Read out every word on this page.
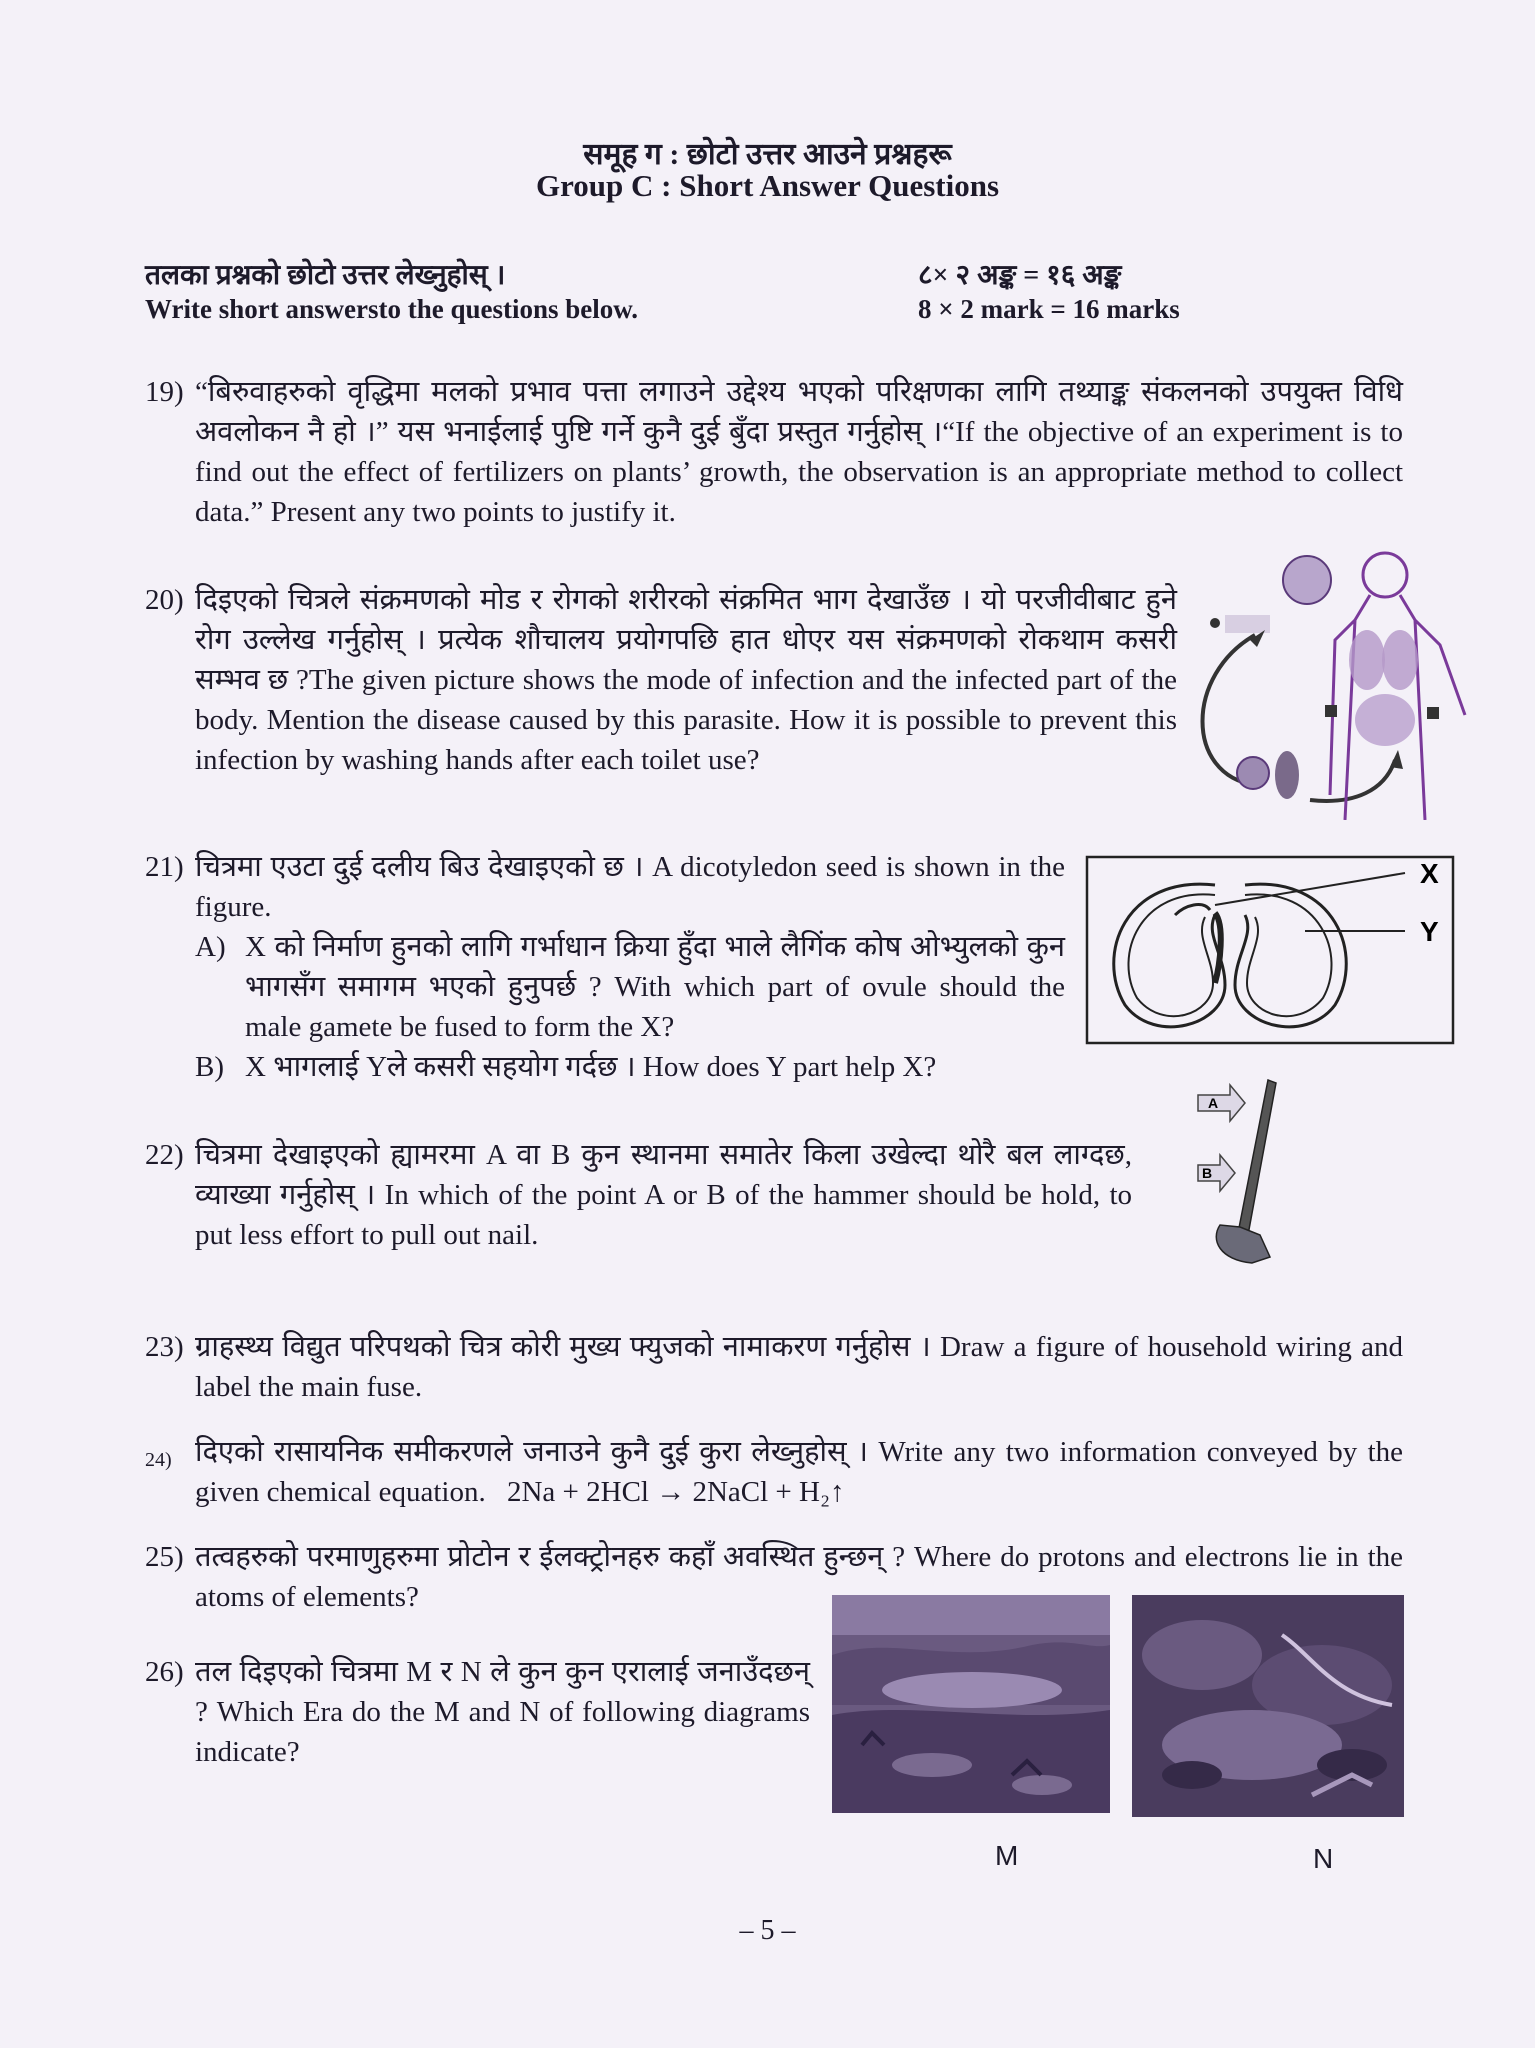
समूह ग : छोटो उत्तर आउने प्रश्नहरू
Group C : Short Answer Questions
तलका प्रश्नको छोटो उत्तर लेख्नुहोस् ।
Write short answersto the questions below.
८× २ अङ्क = १६ अङ्क
8 × 2 mark = 16 marks
19) “बिरुवाहरुको वृद्धिमा मलको प्रभाव पत्ता लगाउने उद्देश्य भएको परिक्षणका लागि तथ्याङ्क संकलनको उपयुक्त विधि अवलोकन नै हो ।” यस भनाईलाई पुष्टि गर्ने कुनै दुई बुँदा प्रस्तुत गर्नुहोस् ।“If the objective of an experiment is to find out the effect of fertilizers on plants’ growth, the observation is an appropriate method to collect data.” Present any two points to justify it.
20) दिइएको चित्रले संक्रमणको मोड र रोगको शरीरको संक्रमित भाग देखाउँछ । यो परजीवीबाट हुने रोग उल्लेख गर्नुहोस् । प्रत्येक शौचालय प्रयोगपछि हात धोएर यस संक्रमणको रोकथाम कसरी सम्भव छ ?The given picture shows the mode of infection and the infected part of the body. Mention the disease caused by this parasite. How it is possible to prevent this infection by washing hands after each toilet use?
21) चित्रमा एउटा दुई दलीय बिउ देखाइएको छ । A dicotyledon seed is shown in the figure.
A) X को निर्माण हुनको लागि गर्भाधान क्रिया हुँदा भाले लैगिंक कोष ओभ्युलको कुन भागसँग समागम भएको हुनुपर्छ ? With which part of ovule should the male gamete be fused to form the X?
B) X भागलाई Yले कसरी सहयोग गर्दछ । How does Y part help X?
X
Y
22) चित्रमा देखाइएको ह्यामरमा A वा B कुन स्थानमा समातेर किला उखेल्दा थोरै बल लाग्दछ, व्याख्या गर्नुहोस् । In which of the point A or B of the hammer should be hold, to put less effort to pull out nail.
A
B
23) ग्राहस्थ्य विद्युत परिपथको चित्र कोरी मुख्य फ्युजको नामाकरण गर्नुहोस । Draw a figure of household wiring and label the main fuse.
24) दिएको रासायनिक समीकरणले जनाउने कुनै दुई कुरा लेख्नुहोस् । Write any two information conveyed by the given chemical equation. 2Na + 2HCl → 2NaCl + H₂↑
25) तत्वहरुको परमाणुहरुमा प्रोटोन र ईलक्ट्रोनहरु कहाँ अवस्थित हुन्छन् ? Where do protons and electrons lie in the atoms of elements?
26) तल दिइएको चित्रमा M र N ले कुन कुन एरालाई जनाउँदछन् ? Which Era do the M and N of following diagrams indicate?
M	N
– 5 –
